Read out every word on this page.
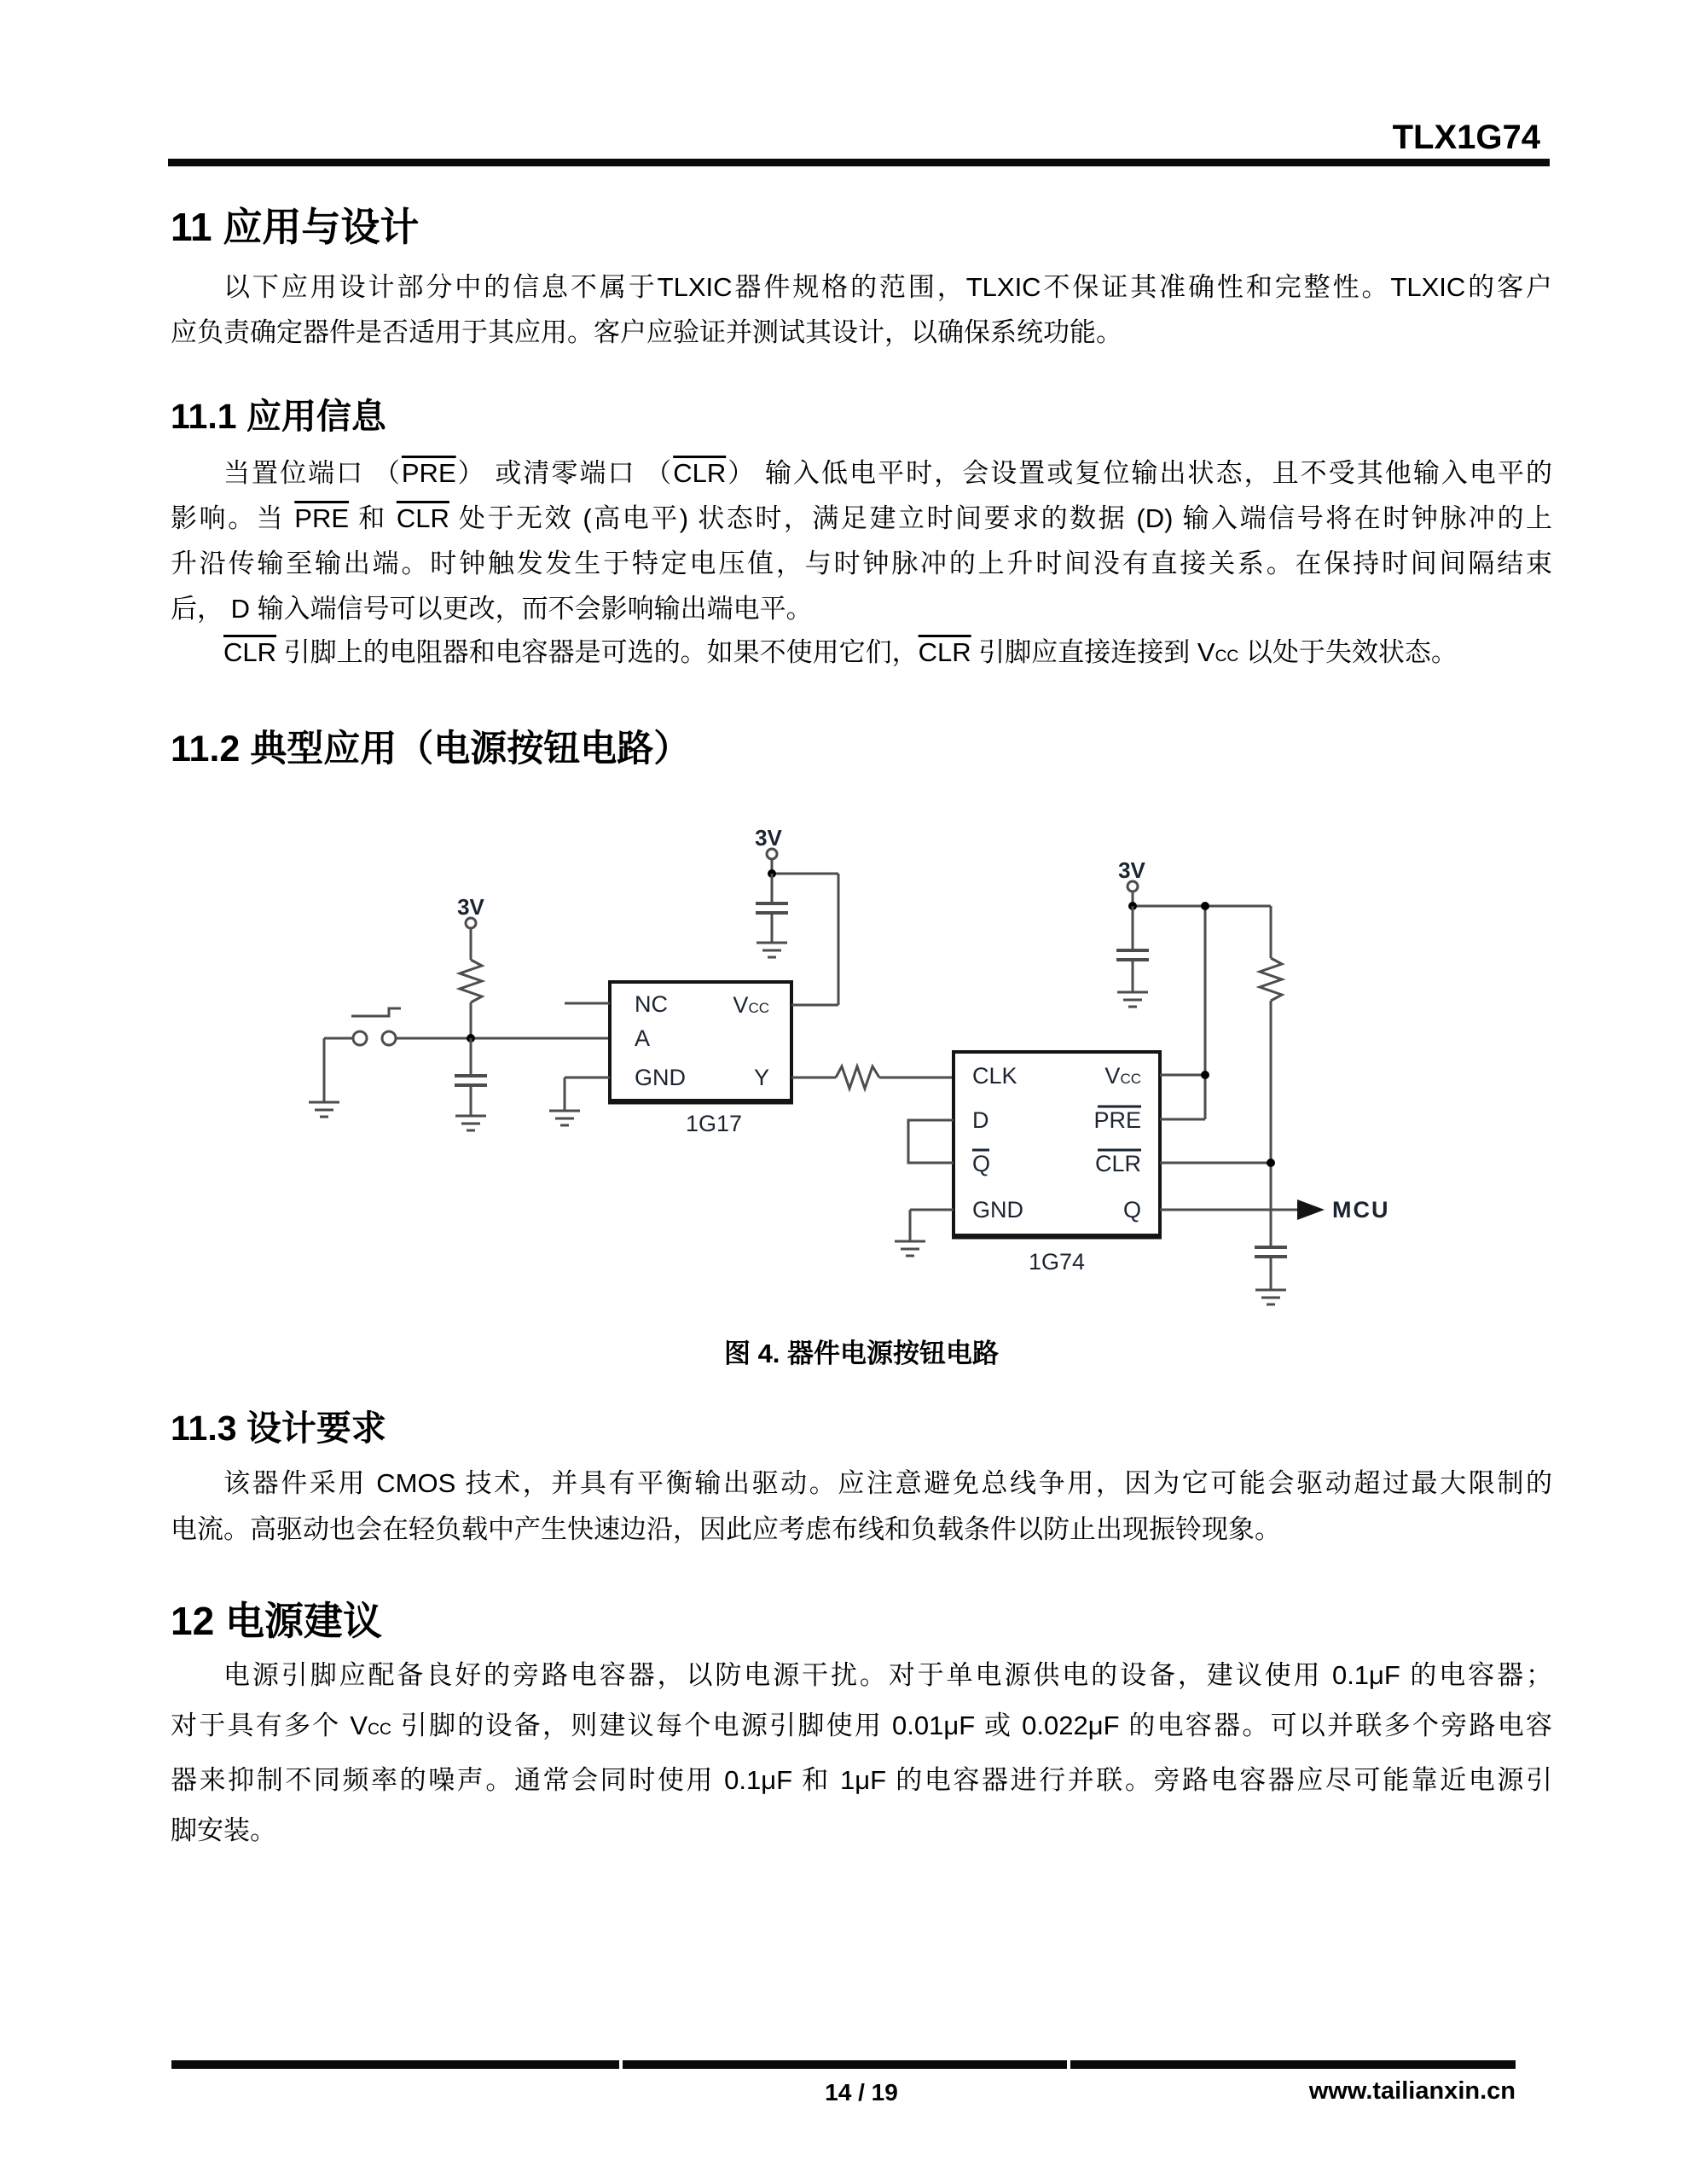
TLX1G74
11 应用与设计
以下应用设计部分中的信息不属于TLXIC器件规格的范围，TLXIC不保证其准确性和完整性。TLXIC的客户
应负责确定器件是否适用于其应用。客户应验证并测试其设计，以确保系统功能。
11.1 应用信息
当置位端口 $(\overline{PRE})$ 或清零端口 $(\overline{CLR})$ 输入低电平时，会设置或复位输出状态，且不受其他输入电平的
影响。当 $\overline{PRE}$ 和 $\overline{CLR}$ 处于无效 (高电平) 状态时，满足建立时间要求的数据 (D) 输入端信号将在时钟脉冲的上
升沿传输至输出端。时钟触发发生于特定电压值，与时钟脉冲的上升时间没有直接关系。在保持时间间隔结束
后， D 输入端信号可以更改，而不会影响输出端电平。
$\overline{CLR}$ 引脚上的电阻器和电容器是可选的。如果不使用它们，$\overline{CLR}$ 引脚应直接连接到 VCC 以处于失效状态。
11.2 典型应用（电源按钮电路）
3V
NC
A
GND
VCC
Y
1G17
3V
CLK
D
Q
GND
VCC
PRE
CLR
Q
1G74
3V
MCU
图 4. 器件电源按钮电路
11.3 设计要求
该器件采用 CMOS 技术，并具有平衡输出驱动。应注意避免总线争用，因为它可能会驱动超过最大限制的
电流。高驱动也会在轻负载中产生快速边沿，因此应考虑布线和负载条件以防止出现振铃现象。
12 电源建议
电源引脚应配备良好的旁路电容器，以防电源干扰。对于单电源供电的设备，建议使用 0.1μF 的电容器；
对于具有多个 VCC 引脚的设备，则建议每个电源引脚使用 0.01μF 或 0.022μF 的电容器。可以并联多个旁路电容
器来抑制不同频率的噪声。通常会同时使用 0.1μF 和 1μF 的电容器进行并联。旁路电容器应尽可能靠近电源引
脚安装。
14 / 19	www.tailianxin.cn
